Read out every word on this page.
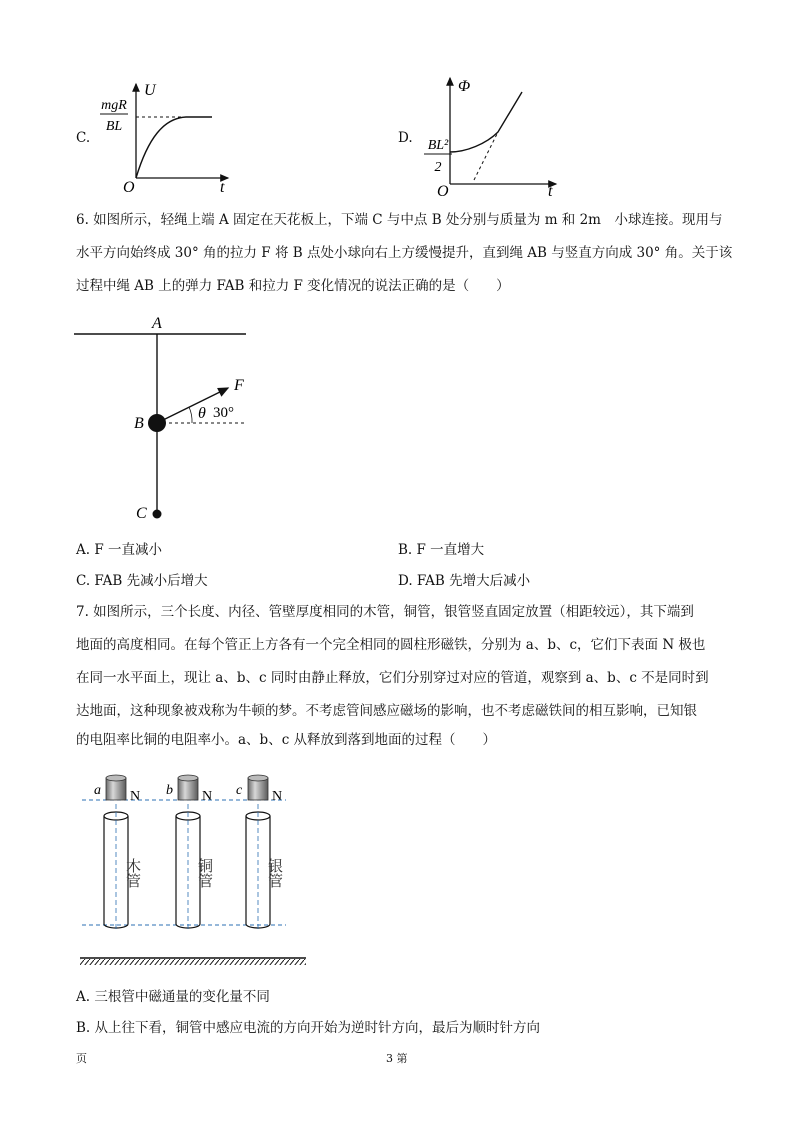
C.
mgR
BL
U
t
O
D. BL²
2
Φ
t
O
6. 如图所示，轻绳上端 A 固定在天花板上，下端 C 与中点 B 处分别与质量为 m 和 2m　小球连接。现用与
水平方向始终成 30° 角的拉力 F 将 B 点处小球向右上方缓慢提升，直到绳 AB 与竖直方向成 30° 角。关于该
过程中绳 AB 上的弹力 FAB 和拉力 F 变化情况的说法正确的是（　　）
A
B
C
F
θ 30°
A. F 一直减小	B. F 一直增大
C. FAB 先减小后增大	D. FAB 先增大后减小
7. 如图所示，三个长度、内径、管壁厚度相同的木管，铜管，银管竖直固定放置（相距较远），其下端到
地面的高度相同。在每个管正上方各有一个完全相同的圆柱形磁铁，分别为 a、b、c，它们下表面 N 极也
在同一水平面上，现让 a、b、c 同时由静止释放，它们分别穿过对应的管道，观察到 a、b、c 不是同时到
达地面，这种现象被戏称为牛顿的梦。不考虑管间感应磁场的影响，也不考虑磁铁间的相互影响，已知银
的电阻率比铜的电阻率小。a、b、c 从释放到落到地面的过程（　　）
a	b	c
N	N	N
木管	铜管	银管
A. 三根管中磁通量的变化量不同
B. 从上往下看，铜管中感应电流的方向开始为逆时针方向，最后为顺时针方向
页	3 第
